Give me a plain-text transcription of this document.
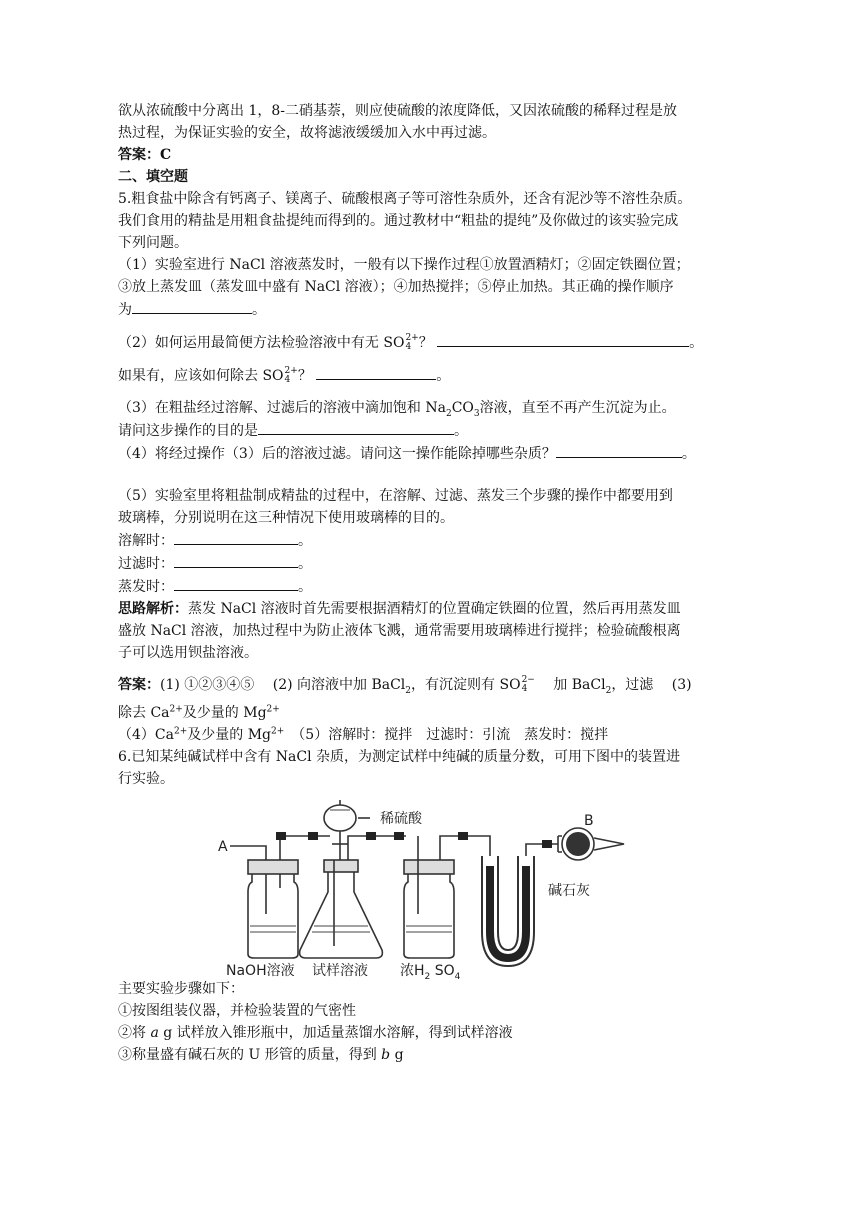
欲从浓硫酸中分离出 1，8-二硝基萘，则应使硫酸的浓度降低，又因浓硫酸的稀释过程是放

热过程，为保证实验的安全，故将滤液缓缓加入水中再过滤。

答案：C

二、填空题

5.粗食盐中除含有钙离子、镁离子、硫酸根离子等可溶性杂质外，还含有泥沙等不溶性杂质。

我们食用的精盐是用粗食盐提纯而得到的。通过教材中“粗盐的提纯”及你做过的该实验完成

下列问题。

（1）实验室进行 NaCl 溶液蒸发时，一般有以下操作过程①放置酒精灯；②固定铁圈位置；

③放上蒸发皿（蒸发皿中盛有 NaCl 溶液）；④加热搅拌；⑤停止加热。其正确的操作顺序

为	。

（2）如何运用最简便方法检验溶液中有无 SO 2+
4 ？	。

如果有，应该如何除去 SO 2+
4 ？	。

（3）在粗盐经过溶解、过滤后的溶液中滴加饱和 $Na_2CO_3$溶液，直至不再产生沉淀为止。

请问这步操作的目的是	。

（4）将经过操作（3）后的溶液过滤。请问这一操作能除掉哪些杂质？	。

（5）实验室里将粗盐制成精盐的过程中，在溶解、过滤、蒸发三个步骤的操作中都要用到

玻璃棒，分别说明在这三种情况下使用玻璃棒的目的。

溶解时：	。

过滤时：	。

蒸发时：	。

思路解析：蒸发 NaCl 溶液时首先需要根据酒精灯的位置确定铁圈的位置，然后再用蒸发皿

盛放 NaCl 溶液，加热过程中为防止液体飞溅，通常需要用玻璃棒进行搅拌；检验硫酸根离

子可以选用钡盐溶液。

答案：(1) ①②③④⑤　 (2) 向溶液中加 BaCl$_2$，有沉淀则有 SO 2−
4 　 加 BaCl$_2$，过滤　 (3)

除去 $Ca^{2+}$及少量的 $Mg^{2+}$

$(4)Ca^{2+}$及少量的 $Mg^{2+}$　（5）溶解时：搅拌　过滤时：引流　蒸发时：搅拌

6.已知某纯碱试样中含有 NaCl 杂质，为测定试样中纯碱的质量分数，可用下图中的装置进

行实验。

A
B
稀硫酸
碱石灰
NaOH溶液 试样溶液 浓$H_2$ $SO_4$

主要实验步骤如下：

①按图组装仪器，并检验装置的气密性

②将 a g 试样放入锥形瓶中，加适量蒸馏水溶解，得到试样溶液

③称量盛有碱石灰的 U 形管的质量，得到 b g
